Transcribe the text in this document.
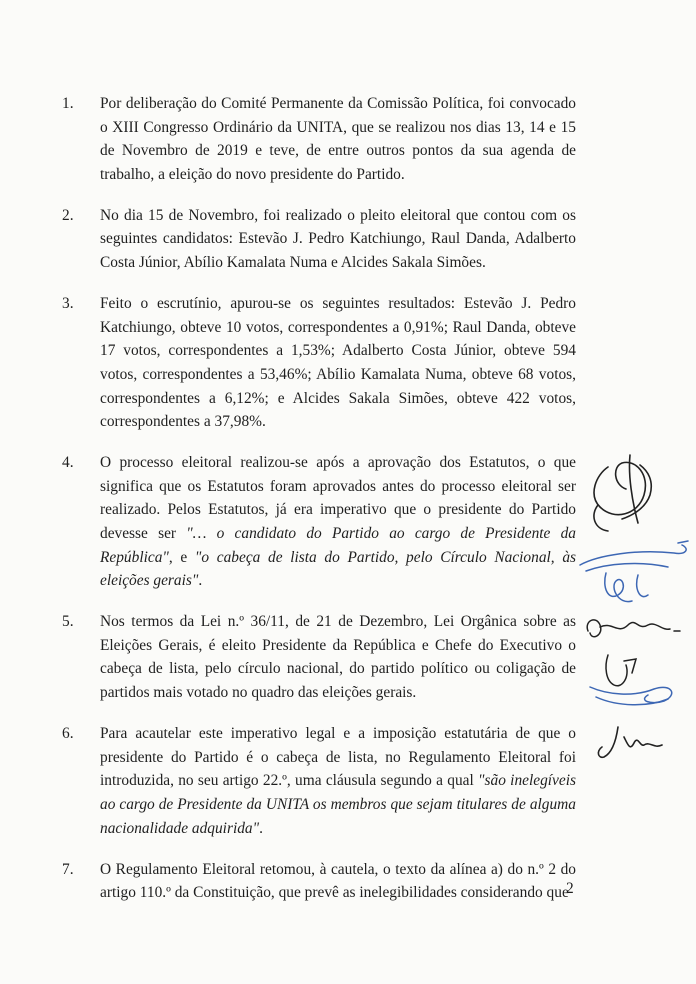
1. Por deliberação do Comité Permanente da Comissão Política, foi convocado o XIII Congresso Ordinário da UNITA, que se realizou nos dias 13, 14 e 15 de Novembro de 2019 e teve, de entre outros pontos da sua agenda de trabalho, a eleição do novo presidente do Partido.
2. No dia 15 de Novembro, foi realizado o pleito eleitoral que contou com os seguintes candidatos: Estevão J. Pedro Katchiungo, Raul Danda, Adalberto Costa Júnior, Abílio Kamalata Numa e Alcides Sakala Simões.
3. Feito o escrutínio, apurou-se os seguintes resultados: Estevão J. Pedro Katchiungo, obteve 10 votos, correspondentes a 0,91%; Raul Danda, obteve 17 votos, correspondentes a 1,53%; Adalberto Costa Júnior, obteve 594 votos, correspondentes a 53,46%; Abílio Kamalata Numa, obteve 68 votos, correspondentes a 6,12%; e Alcides Sakala Simões, obteve 422 votos, correspondentes a 37,98%.
4. O processo eleitoral realizou-se após a aprovação dos Estatutos, o que significa que os Estatutos foram aprovados antes do processo eleitoral ser realizado. Pelos Estatutos, já era imperativo que o presidente do Partido devesse ser "… o candidato do Partido ao cargo de Presidente da República", e "o cabeça de lista do Partido, pelo Círculo Nacional, às eleições gerais".
5. Nos termos da Lei n.º 36/11, de 21 de Dezembro, Lei Orgânica sobre as Eleições Gerais, é eleito Presidente da República e Chefe do Executivo o cabeça de lista, pelo círculo nacional, do partido político ou coligação de partidos mais votado no quadro das eleições gerais.
6. Para acautelar este imperativo legal e a imposição estatutária de que o presidente do Partido é o cabeça de lista, no Regulamento Eleitoral foi introduzida, no seu artigo 22.º, uma cláusula segundo a qual "são inelegíveis ao cargo de Presidente da UNITA os membros que sejam titulares de alguma nacionalidade adquirida".
7. O Regulamento Eleitoral retomou, à cautela, o texto da alínea a) do n.º 2 do artigo 110.º da Constituição, que prevê as inelegibilidades considerando que
2
